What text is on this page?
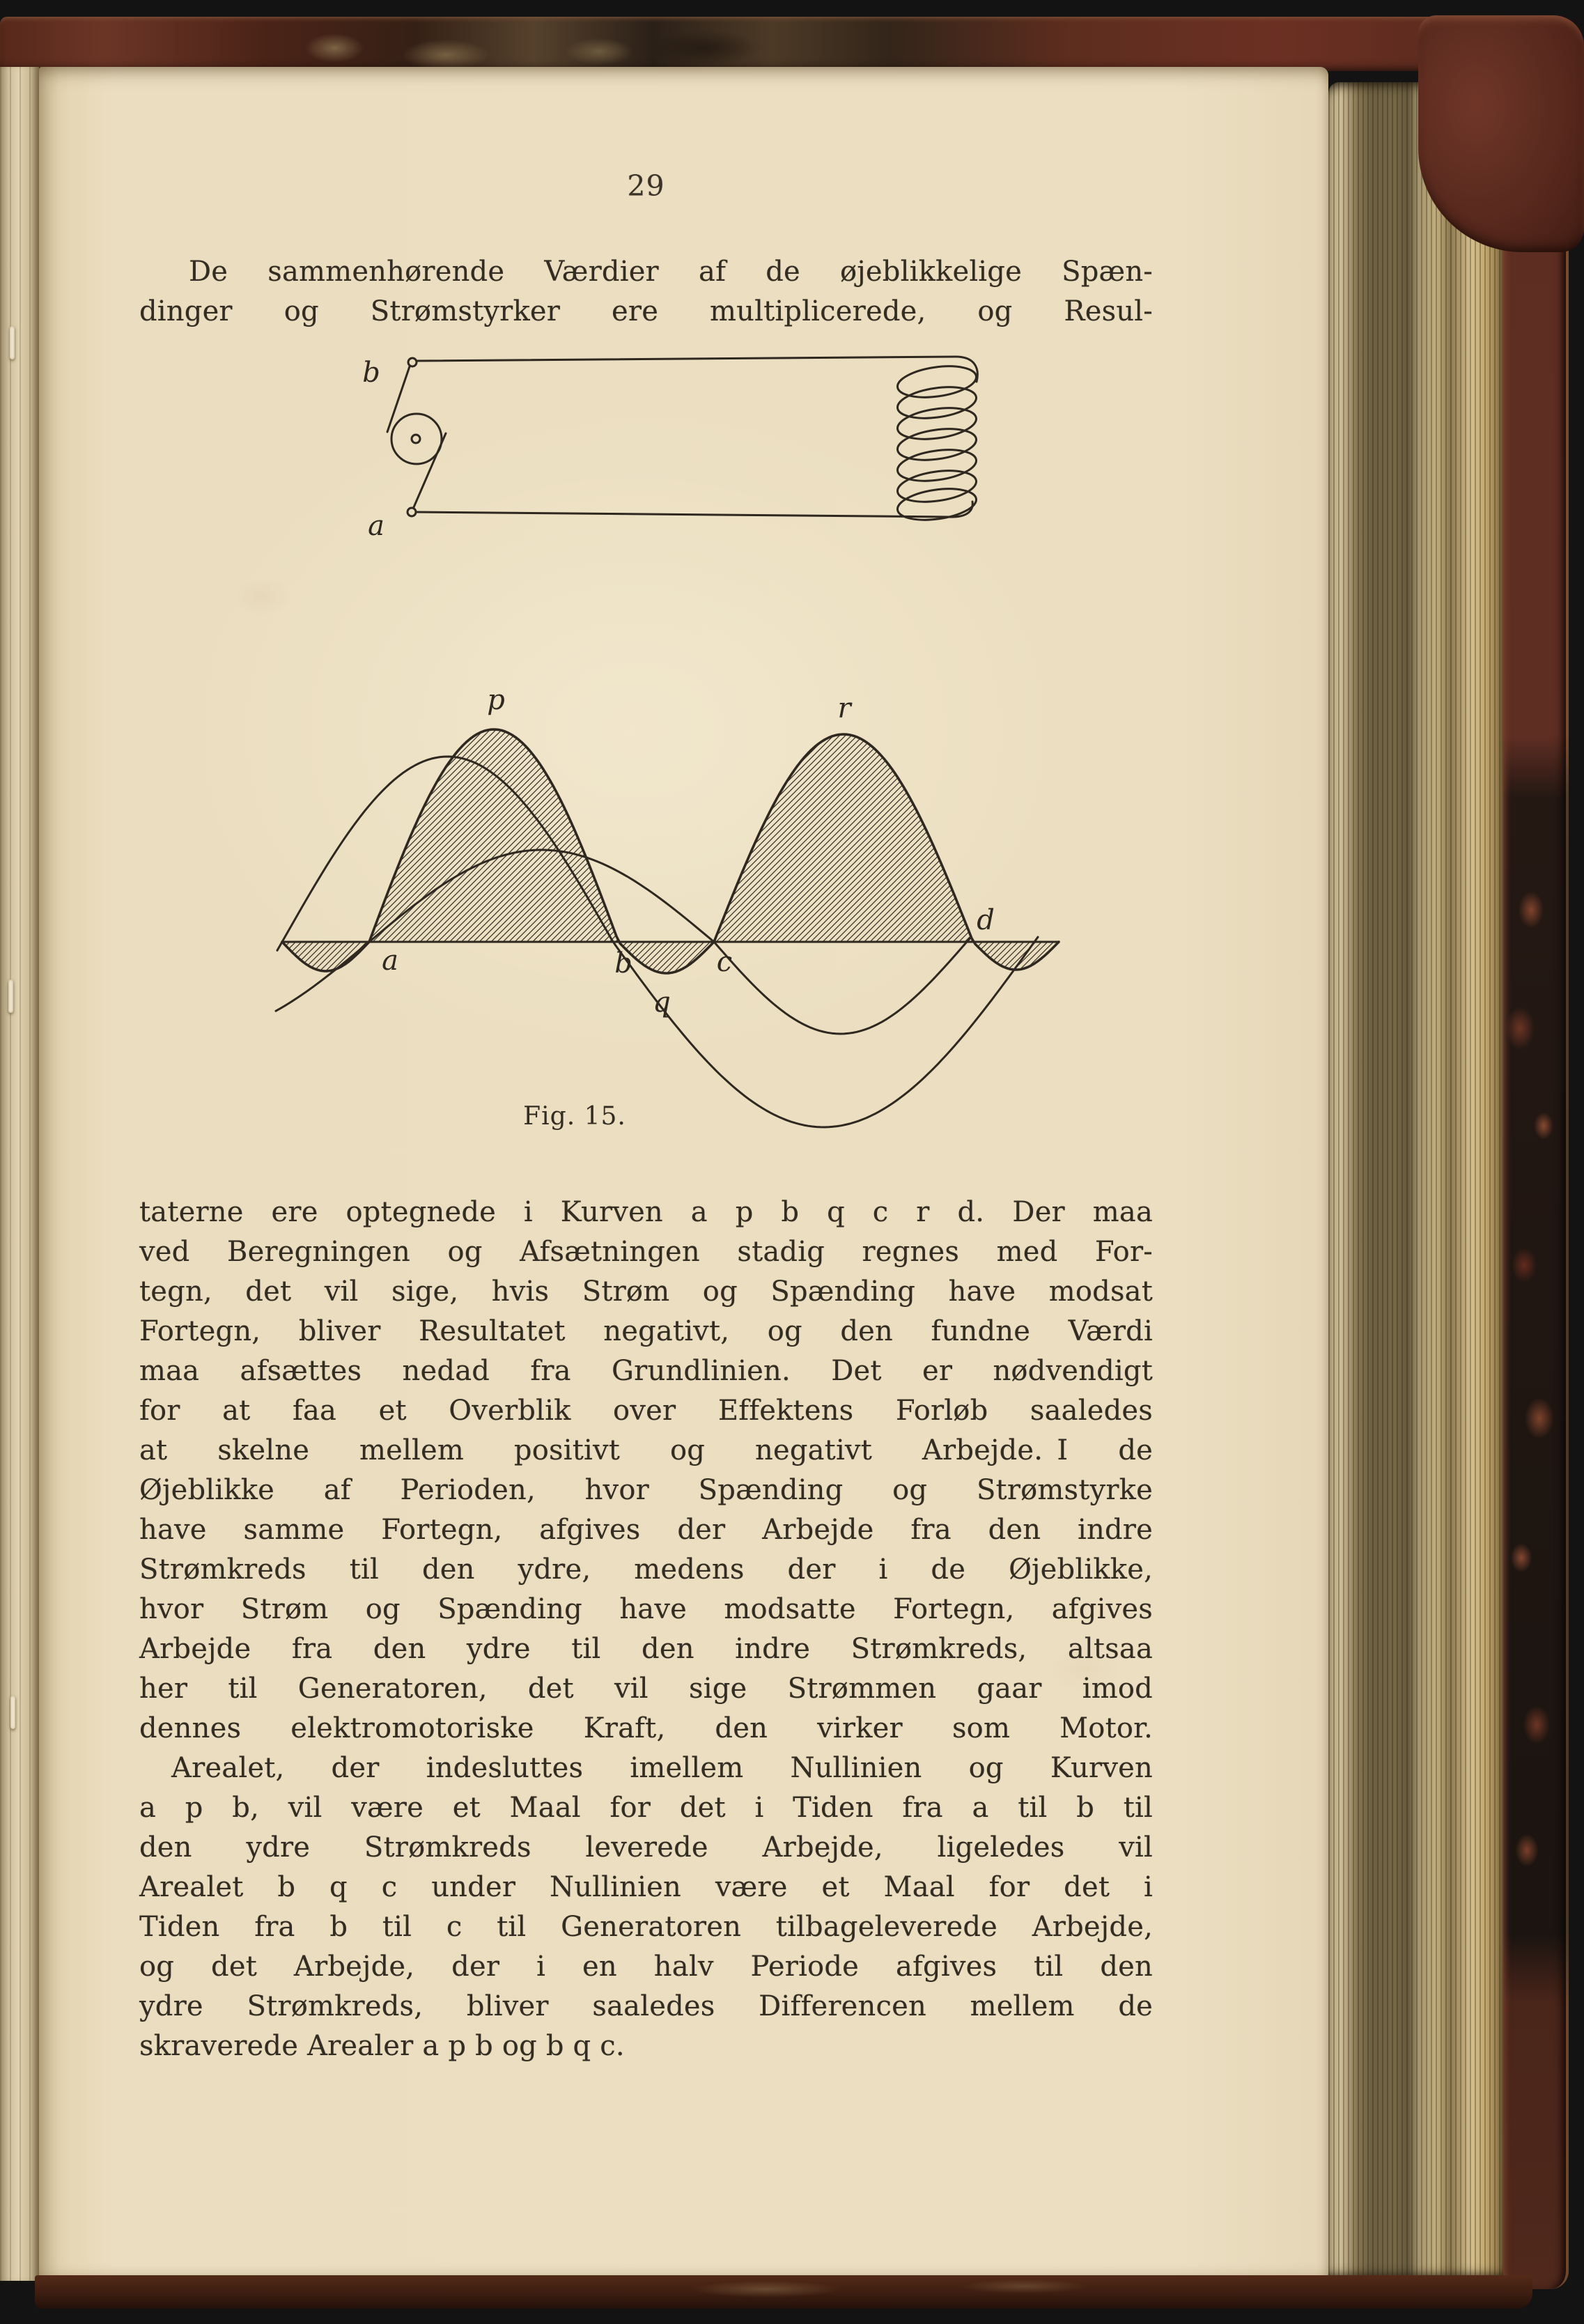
29
De sammenhørende Værdier af de øjeblikkelige Spæn-
dinger og Strømstyrker ere multiplicerede, og Resul-
b
a
p	r
a	b	c
q
d
Fig. 15.
taterne ere optegnede i Kurven a p b q c r d. Der maa
ved Beregningen og Afsætningen stadig regnes med For-
tegn, det vil sige, hvis Strøm og Spænding have modsat
Fortegn, bliver Resultatet negativt, og den fundne Værdi
maa afsættes nedad fra Grundlinien. Det er nødvendigt
for at faa et Overblik over Effektens Forløb saaledes
at skelne mellem positivt og negativt Arbejde. I de
Øjeblikke af Perioden, hvor Spænding og Strømstyrke
have samme Fortegn, afgives der Arbejde fra den indre
Strømkreds til den ydre, medens der i de Øjeblikke,
hvor Strøm og Spænding have modsatte Fortegn, afgives
Arbejde fra den ydre til den indre Strømkreds, altsaa
her til Generatoren, det vil sige Strømmen gaar imod
dennes elektromotoriske Kraft, den virker som Motor.
Arealet, der indesluttes imellem Nullinien og Kurven
a p b, vil være et Maal for det i Tiden fra a til b til
den ydre Strømkreds leverede Arbejde, ligeledes vil
Arealet b q c under Nullinien være et Maal for det i
Tiden fra b til c til Generatoren tilbageleverede Arbejde,
og det Arbejde, der i en halv Periode afgives til den
ydre Strømkreds, bliver saaledes Differencen mellem de
skraverede Arealer a p b og b q c.
